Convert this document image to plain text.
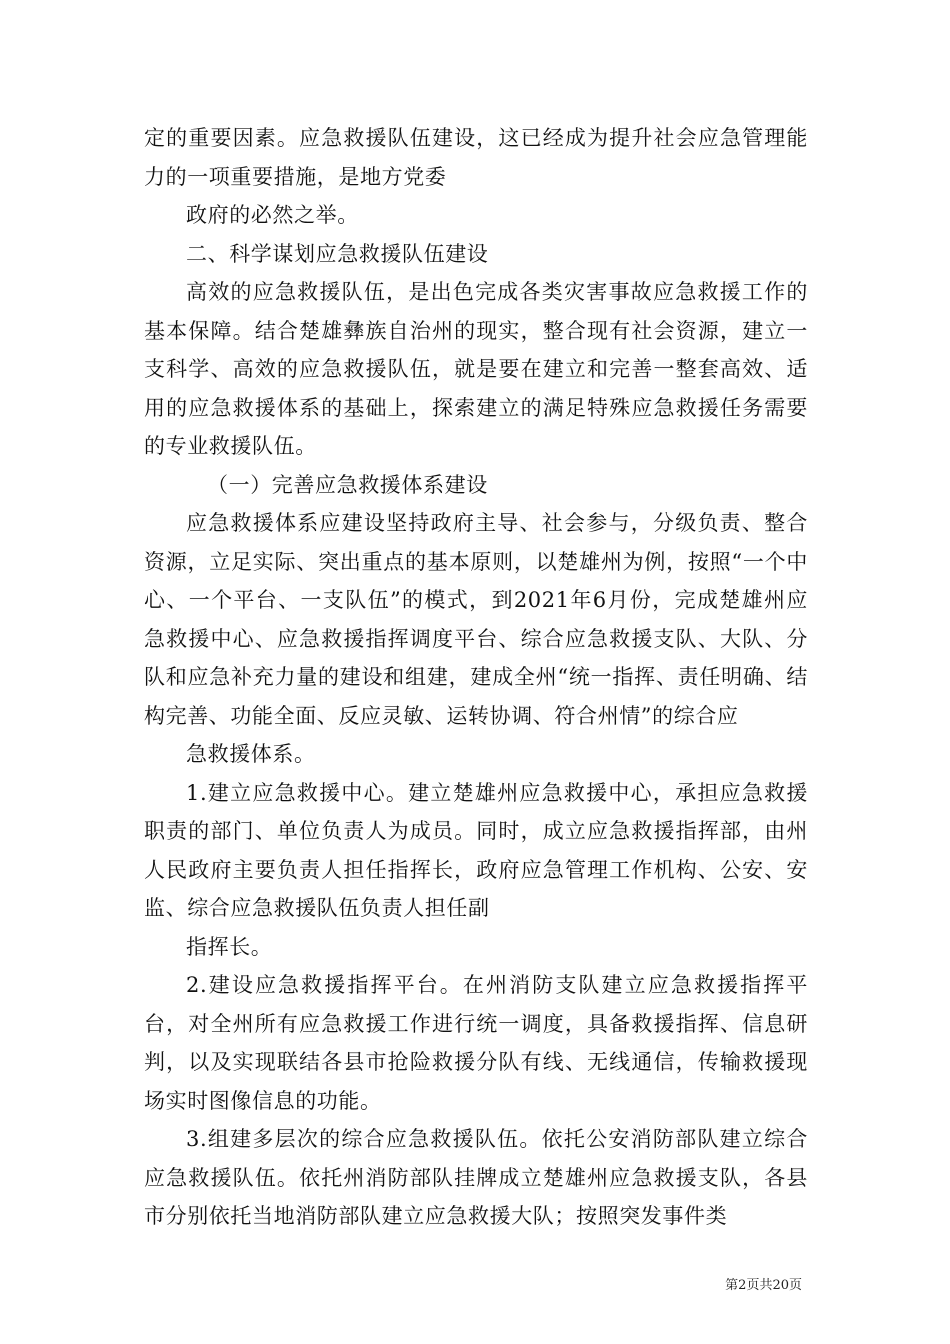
定的重要因素。应急救援队伍建设，这已经成为提升社会应急管理能力的一项重要措施，是地方党委

政府的必然之举。

二、科学谋划应急救援队伍建设

高效的应急救援队伍，是出色完成各类灾害事故应急救援工作的基本保障。结合楚雄彝族自治州的现实，整合现有社会资源，建立一支科学、高效的应急救援队伍，就是要在建立和完善一整套高效、适用的应急救援体系的基础上，探索建立的满足特殊应急救援任务需要的专业救援队伍。

（一）完善应急救援体系建设

应急救援体系应建设坚持政府主导、社会参与，分级负责、整合资源，立足实际、突出重点的基本原则，以楚雄州为例，按照“一个中心、一个平台、一支队伍”的模式，到2021年6月份，完成楚雄州应急救援中心、应急救援指挥调度平台、综合应急救援支队、大队、分队和应急补充力量的建设和组建，建成全州“统一指挥、责任明确、结构完善、功能全面、反应灵敏、运转协调、符合州情”的综合应

急救援体系。

1.建立应急救援中心。建立楚雄州应急救援中心，承担应急救援职责的部门、单位负责人为成员。同时，成立应急救援指挥部，由州人民政府主要负责人担任指挥长，政府应急管理工作机构、公安、安监、综合应急救援队伍负责人担任副

指挥长。

2.建设应急救援指挥平台。在州消防支队建立应急救援指挥平台，对全州所有应急救援工作进行统一调度，具备救援指挥、信息研判，以及实现联结各县市抢险救援分队有线、无线通信，传输救援现场实时图像信息的功能。

3.组建多层次的综合应急救援队伍。依托公安消防部队建立综合应急救援队伍。依托州消防部队挂牌成立楚雄州应急救援支队，各县市分别依托当地消防部队建立应急救援大队；按照突发事件类

第2页共20页
